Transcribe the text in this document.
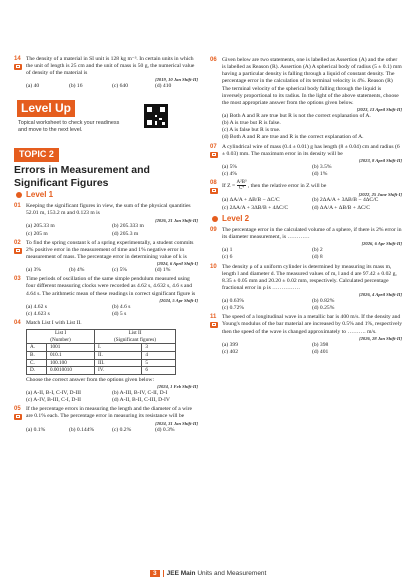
14 The density of a material in SI unit is 128 kg m⁻³. In certain units in which the unit of length is 25 cm and the unit of mass is 50 g, the numerical value of density of the material is
[2019, 10 Jan Shift-II]
(a) 40	(b) 16	(c) 640	(d) 410
Level Up
Topical worksheet to check your readiness and move to the next level.
TOPIC 2
Errors in Measurement and Significant Figures
Level 1
01 Keeping the significant figures in view, the sum of the physical quantities 52.01 m, 153.2 m and 0.123 m is
[2026, 21 Jan Shift-II]
(a) 205.33 m	(b) 205.333 m
(c) 205 m	(d) 205.3 m
02 To find the spring constant k of a spring experimentally, a student commits 2% positive error in the measurement of time and 1% negative error in measurement of mass. The percentage error in determining value of k is
[2024, 6 April Shift-I]
(a) 3%	(b) 4%	(c) 5%	(d) 1%
03 Time periods of oscillation of the same simple pendulum measured using four different measuring clocks were recorded as 4.62 s, 4.632 s, 4.6 s and 4.64 s. The arithmetic mean of these readings in correct significant figure is
[2024, 5 Apr Shift-I]
(a) 4.62 s	(b) 4.6 s
(c) 4.623 s	(d) 5 s
04 Match List I with List II.
List I
(Number)		List II
(Significant figures)	
A.	1001	I.	3
B.	010.1	II.	4
C.	100.100	III.	5
D.	0.0010010	IV.	6
Choose the correct answer from the options given below:
[2024, 1 Feb Shift-II]
(a) A-II, B-I, C-IV, D-III	(b) A-III, B-IV, C-II, D-I
(c) A-IV, B-III, C-I, D-II	(d) A-II, B-II, C-III, D-IV
05 If the percentage errors in measuring the length and the diameter of a wire are 0.1% each. The percentage error in measuring its resistance will be
[2024, 31 Jan Shift-II]
(a) 0.1%	(b) 0.144%	(c) 0.2%	(d) 0.3%
06 Given below are two statements, one is labelled as Assertion (A) and the other is labelled as Reason (R). Assertion (A) A spherical body of radius (5 ± 0.1) mm having a particular density is falling through a liquid of constant density. The percentage error in the calculation of its terminal velocity is 4%. Reason (R) The terminal velocity of the spherical body falling through the liquid is inversely proportional to its radius. In the light of the above statements, choose the most appropriate answer from the options given below.
[2023, 13 April Shift-II]
(a) Both A and R are true but R is not the correct explanation of A.
(b) A is true but R is false.
(c) A is false but R is true.
(d) Both A and R are true and R is the correct explanation of A.
07 A cylindrical wire of mass (0.4 ± 0.01) g has length (8 ± 0.04) cm and radius (6 ± 0.03) mm. The maximum error in its density will be
[2023, 8 April Shift-II]
(a) 5%	(b) 3.5%
(c) 4%	(d) 1%
08
If $Z = \frac{\text{A²B³}}{\text{C⁴}}$ , then the relative error in Z will be
[2022, 25 June Shift-I]
(a) ΔA/A + ΔB/B − ΔC/C	(b) 2ΔA/A + 3ΔB/B − 4ΔC/C
(c) 2ΔA/A + 3ΔB/B + 4ΔC/C	(d) ΔA/A + ΔB/B + ΔC/C
Level 2
09 The percentage error in the calculated volume of a sphere, if there is 2% error in its diameter measurement, is …………
[2026, 6 Apr Shift-II]
(a) 1	(b) 2
(c) 6	(d) 8
10 The density ρ of a uniform cylinder is determined by measuring its mass m, length l and diameter d. The measured values of m, l and d are 97.42 ± 0.02 g, 8.35 ± 0.05 mm and 20.20 ± 0.02 mm, respectively. Calculated percentage fractional error in ρ is ……………
[2026, 4 April Shift-II]
(a) 0.63%	(b) 0.82%
(c) 0.72%	(d) 0.25%
11 The speed of a longitudinal wave in a metallic bar is 400 m/s. If the density and Young's modulus of the bar material are increased by 0.5% and 1%, respectively then the speed of the wave is changed approximately to ………. m/s.
[2026, 28 Jan Shift-II]
(a) 399	(b) 398
(c) 402	(d) 401
3 JEE Main Units and Measurement
